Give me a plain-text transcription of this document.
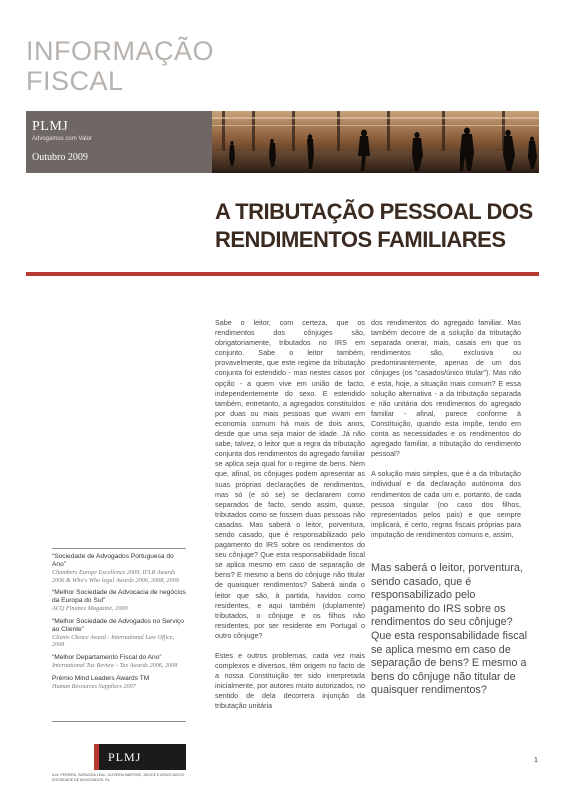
INFORMAÇÃO
FISCAL
PLMJ
Advogamos com Valor
Outubro 2009
A TRIBUTAÇÃO PESSOAL DOS
RENDIMENTOS FAMILIARES

Sabe o leitor, com certeza, que os rendimentos dos cônjuges são, obrigatoriamente, tributados no IRS em conjunto. Sabe o leitor também, provavelmente, que este regime da tributação conjunta foi estendido - mas nestes casos por opção - a quem vive em união de facto, independentemente do sexo. E estendido também, entretanto, a agregados constituídos por duas ou mais pessoas que vivam em economia comum há mais de dois anos, desde que uma seja maior de idade. Já não sabe, talvez, o leitor que a regra da tributação conjunta dos rendimentos do agregado familiar se aplica seja qual for o regime de bens. Nem que, afinal, os cônjuges podem apresentar as suas próprias declarações de rendimentos, mas só (e só se) se declararem como separados de facto, sendo assim, quase, tributados como se fossem duas pessoas não casadas. Mas saberá o leitor, porventura, sendo casado, que é responsabilizado pelo pagamento do IRS sobre os rendimentos do seu cônjuge? Que esta responsabilidade fiscal se aplica mesmo em caso de separação de bens? E mesmo a bens do cônjuge não titular de quaisquer rendimentos? Saberá ainda o leitor que são, à partida, havidos como residentes, e aqui também (duplamente) tributados, o cônjuge e os filhos não residentes, por ser residente em Portugal o outro cônjuge?

Estes e outros problemas, cada vez mais complexos e diversos, têm origem no facto de a nossa Constituição ter sido interpretada inicialmente, por autores muito autorizados, no sentido de dela decorrera injunção da tributação unitária

dos rendimentos do agregado familiar. Mas também decorre de a solução da tributação separada onerar, mais, casais em que os rendimentos são, exclusiva ou predominantemente, apenas de um dos cônjuges (os "casados/único titular"). Mas não é esta, hoje, a situação mais comum? E essa solução alternativa - a da tributação separada e não unitária dos rendimentos do agregado familiar - afinal, parece conforme à Constituição, quando esta impõe, tendo em conta as necessidades e os rendimentos do agregado familiar, a tributação do rendimento pessoal?

A solução mais simples, que é a da tributação individual e da declaração autónoma dos rendimentos de cada um e, portanto, de cada pessoa singular (no caso dos filhos, representados pelos pais) e que sempre implicará, é certo, regras fiscais próprias para imputação de rendimentos comuns e, assim,

Mas saberá o leitor, porventura, sendo casado, que é responsabilizado pelo pagamento do IRS sobre os rendimentos do seu cônjuge? Que esta responsabilidade fiscal se aplica mesmo em caso de separação de bens? E mesmo a bens do cônjuge não titular de quaisquer rendimentos?
“Sociedade de Advogados Portuguesa do Ano”
Chambers Europe Excellence 2009, IFLR Awards 2006 & Who's Who legal Awards 2006, 2008, 2009
“Melhor Sociedade de Advocacia de negócios da Europa do Sul”
ACQ Finance Magazine, 2009
“Melhor Sociedade de Advogados no Serviço ao Cliente”
Clients Choice Award - International Law Office, 2008
“Melhor Departamento Fiscal do Ano”
International Tax Review - Tax Awards 2006, 2008
Prémio Mind Leaders Awards TM
Human Resources Suppliers 2007
PLMJ
A.M. PEREIRA, SÁRAGGA LEAL, OLIVEIRA MARTINS, JÚDICE E ASSOCIADOS
SOCIEDADE DE ADVOGADOS, RL
1
